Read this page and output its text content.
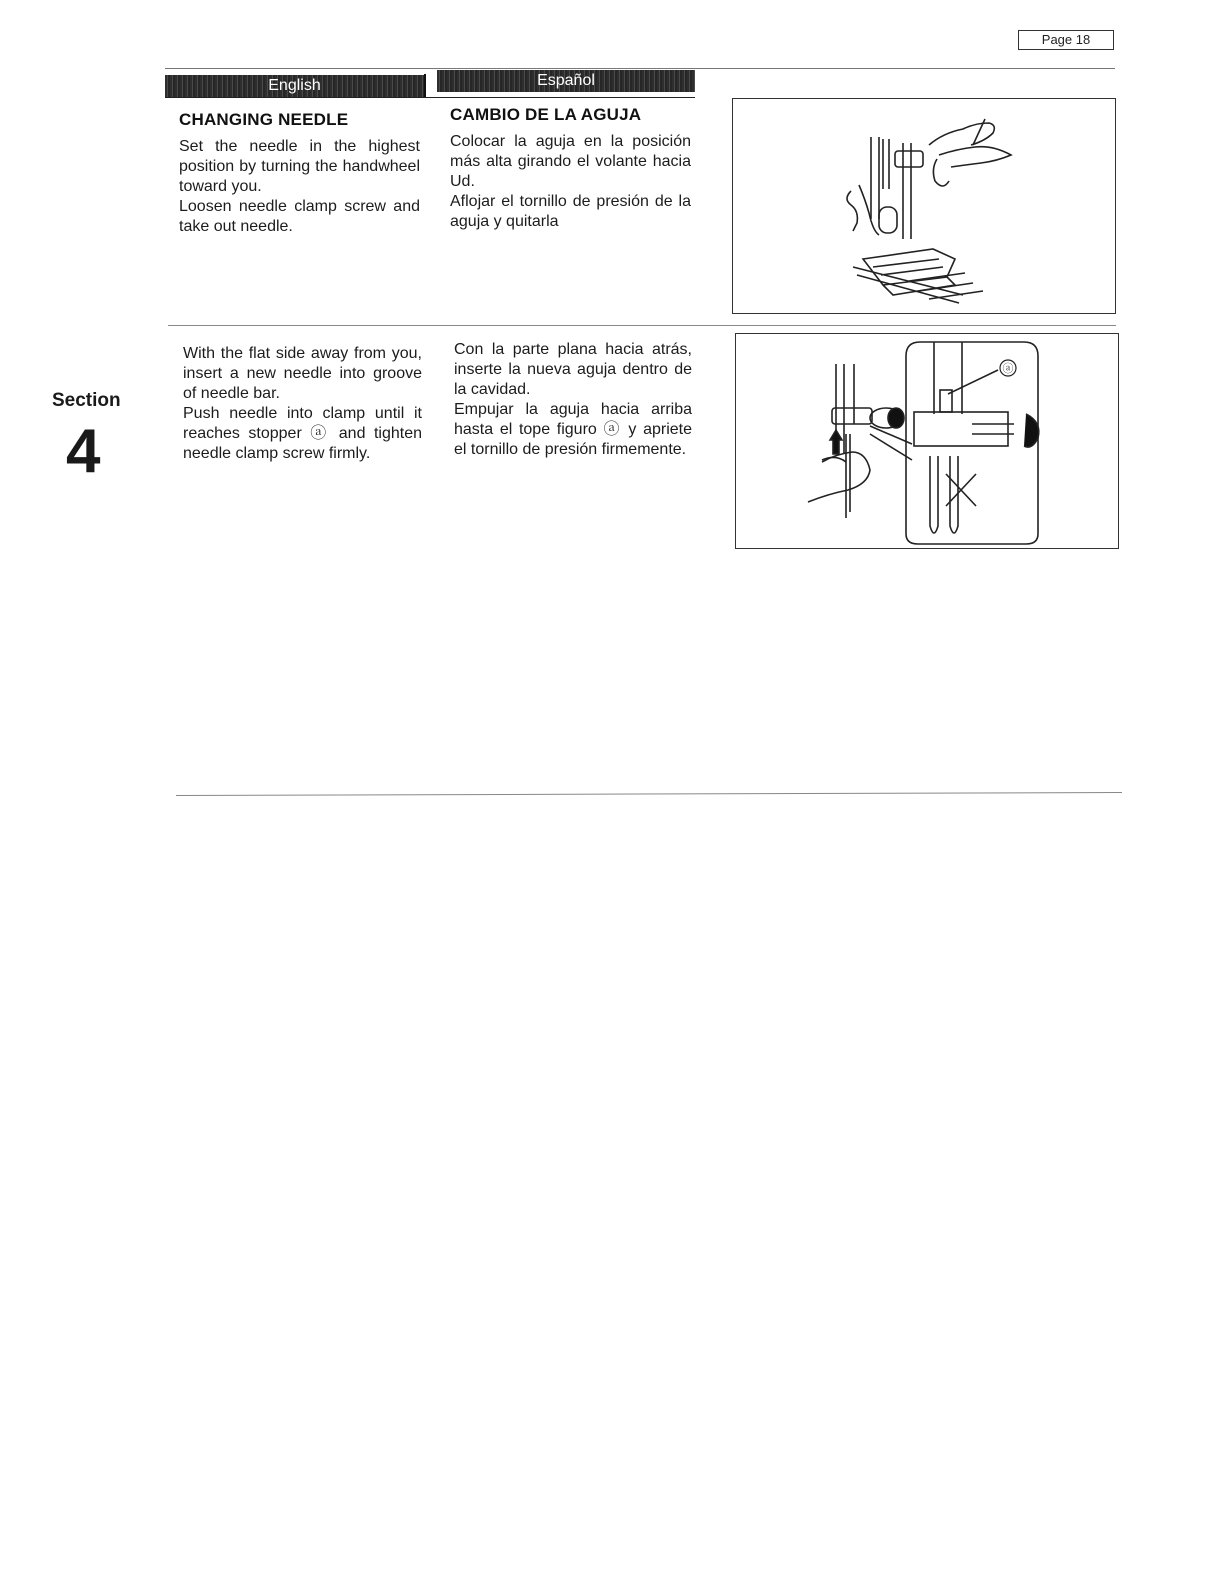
Page 18
English	Español
Section
4
CHANGING NEEDLE
Set the needle in the highest position by turning the handwheel toward you.
Loosen needle clamp screw and take out needle.
CAMBIO DE LA AGUJA
Colocar la aguja en la posición más alta girando el volante hacia Ud.
Aflojar el tornillo de presión de la aguja y quitarla
With the flat side away from you, insert a new needle into groove of needle bar.
Push needle into clamp until it reaches stopper ⓐ and tighten needle clamp screw firmly.
Con la parte plana hacia atrás, inserte la nueva aguja dentro de la cavidad.
Empujar la aguja hacia arriba hasta el tope figuro ⓐ y apriete el tornillo de presión firmemente.
ⓐ
